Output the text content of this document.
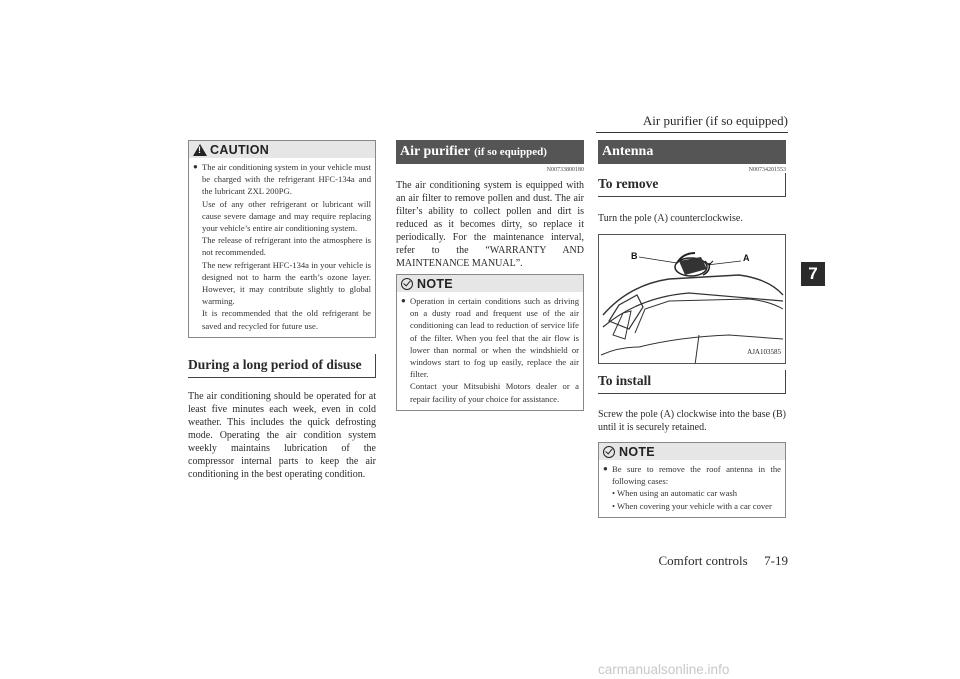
Air purifier (if so equipped)
7
!
CAUTION
● The air conditioning system in your vehicle must be charged with the refrigerant HFC-134a and the lubricant ZXL 200PG.

Use of any other refrigerant or lubricant will cause severe damage and may require replacing your vehicle’s entire air conditioning system.

The release of refrigerant into the atmosphere is not recommended.

The new refrigerant HFC-134a in your vehicle is designed not to harm the earth’s ozone layer. However, it may contribute slightly to global warming.

It is recommended that the old refrigerant be saved and recycled for future use.

During a long period of disuse

The air conditioning should be operated for at least five minutes each week, even in cold weather. This includes the quick defrosting mode. Operating the air condition system weekly maintains lubrication of the compressor internal parts to keep the air conditioning in the best operating condition.

Air purifier (if so equipped)
N00733800180

The air conditioning system is equipped with an air filter to remove pollen and dust. The air filter’s ability to collect pollen and dirt is reduced as it becomes dirty, so replace it periodically. For the maintenance interval, refer to the “WARRANTY AND MAINTENANCE MANUAL”.

NOTE
● Operation in certain conditions such as driving on a dusty road and frequent use of the air conditioning can lead to reduction of service life of the filter. When you feel that the air flow is lower than normal or when the windshield or windows start to fog up easily, replace the air filter.

Contact your Mitsubishi Motors dealer or a repair facility of your choice for assistance.

Antenna
N00734201553
To remove

Turn the pole (A) counterclockwise.

B	A
AJA103585
To install

Screw the pole (A) clockwise into the base (B) until it is securely retained.

NOTE
● Be sure to remove the roof antenna in the following cases:

• When using an automatic car wash

• When covering your vehicle with a car cover

Comfort controls 7-19
carmanualsonline.info
